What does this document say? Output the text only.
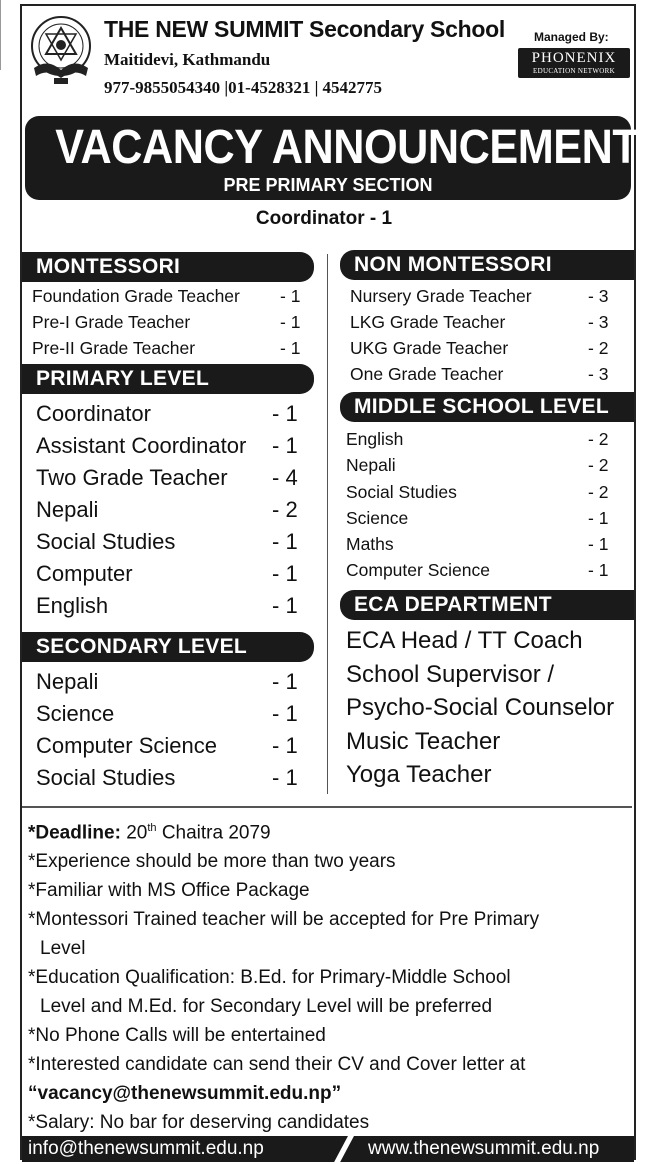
THE NEW SUMMIT Secondary School
Maitidevi, Kathmandu
977-9855054340 |01-4528321 | 4542775
Managed By:
PHONENIX
EDUCATION NETWORK
VACANCY ANNOUNCEMENT
PRE PRIMARY SECTION
Coordinator - 1
MONTESSORI
Foundation Grade Teacher - 1
Pre-I Grade Teacher	- 1
Pre-II Grade Teacher	- 1
NON MONTESSORI
Nursery Grade Teacher	- 3
LKG Grade Teacher	- 3
UKG Grade Teacher	- 2
One Grade Teacher	- 3
PRIMARY LEVEL
Coordinator	- 1
Assistant Coordinator - 1
Two Grade Teacher - 4
Nepali	- 2
Social Studies	- 1
Computer	- 1
English	- 1
MIDDLE SCHOOL LEVEL
English	- 2
Nepali	- 2
Social Studies	- 2
Science	- 1
Maths	- 1
Computer Science	- 1
ECA DEPARTMENT
ECA Head / TT Coach
School Supervisor /
Psycho-Social Counselor
Music Teacher
Yoga Teacher
SECONDARY LEVEL
Nepali	- 1
Science	- 1
Computer Science	- 1
Social Studies	- 1
*Deadline: 20th Chaitra 2079
*Experience should be more than two years
*Familiar with MS Office Package
*Montessori Trained teacher will be accepted for Pre Primary
Level
*Education Qualification: B.Ed. for Primary-Middle School
Level and M.Ed. for Secondary Level will be preferred
*No Phone Calls will be entertained
*Interested candidate can send their CV and Cover letter at
“vacancy@thenewsummit.edu.np”
*Salary: No bar for deserving candidates
info@thenewsummit.edu.np	www.thenewsummit.edu.np
